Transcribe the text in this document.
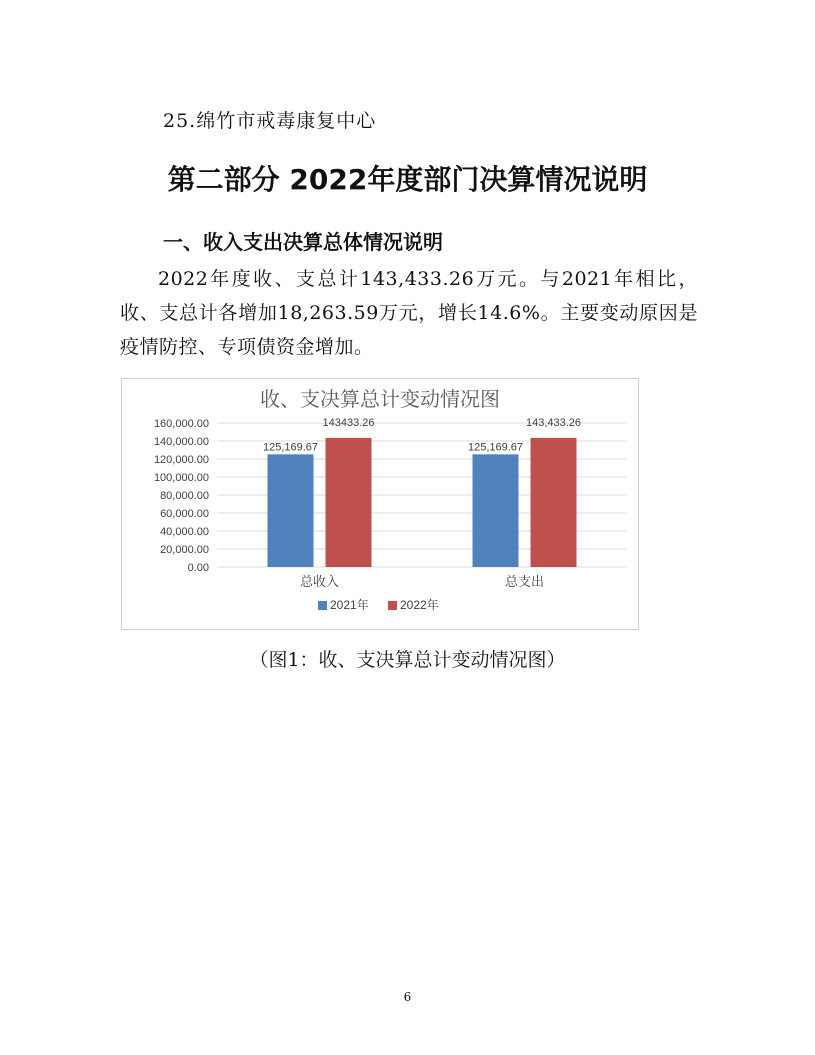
25.绵竹市戒毒康复中心
第二部分 2022年度部门决算情况说明
一、收入支出决算总体情况说明
2022年度收、支总计143,433.26万元。与2021年相比，收、支总计各增加18,263.59万元，增长14.6%。主要变动原因是疫情防控、专项债资金增加。
收、支决算总计变动情况图
0.00
20,000.00
40,000.00
60,000.00
80,000.00
100,000.00
120,000.00
140,000.00
160,000.00
总收入
125,169.67
143433.26
总支出
125,169.67
143,433.26
2021年	2022年
（图1：收、支决算总计变动情况图）
6
